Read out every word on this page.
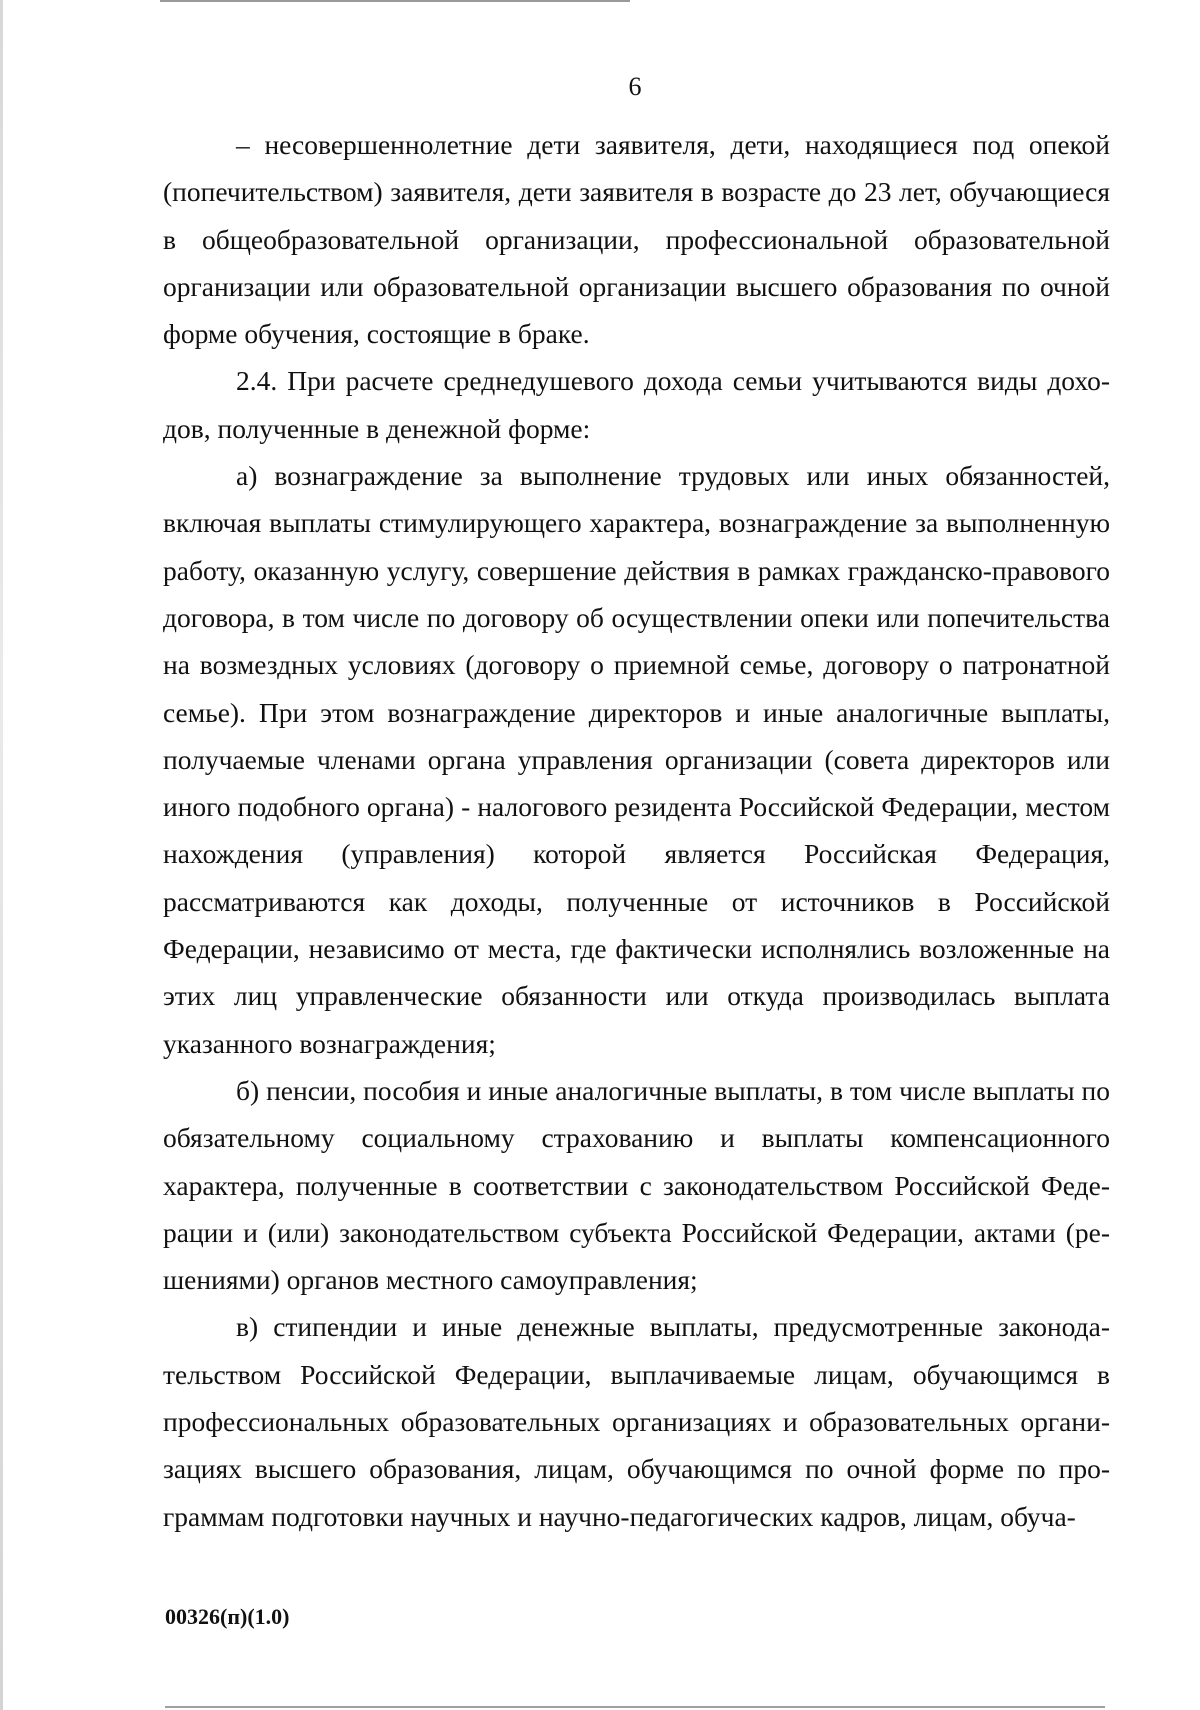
6

– несовершеннолетние дети заявителя, дети, находящиеся под опекой (попечительством) заявителя, дети заявителя в возрасте до 23 лет, обучающиеся в общеобразовательной организации, профессиональной образовательной организации или образовательной организации высшего образования по очной форме обучения, состоящие в браке.

2.4. При расчете среднедушевого дохода семьи учитываются виды доходов, полученные в денежной форме:

а) вознаграждение за выполнение трудовых или иных обязанностей, включая выплаты стимулирующего характера, вознаграждение за выполненную работу, оказанную услугу, совершение действия в рамках гражданско-правового договора, в том числе по договору об осуществлении опеки или попечительства на возмездных условиях (договору о приемной семье, договору о патронатной семье). При этом вознаграждение директоров и иные аналогичные выплаты, получаемые членами органа управления организации (совета директоров или иного подобного органа) - налогового резидента Российской Федерации, местом нахождения (управления) которой является Российская Федерация, рассматриваются как доходы, полученные от источников в Российской Федерации, независимо от места, где фактически исполнялись возложенные на этих лиц управленческие обязанности или откуда производилась выплата указанного вознаграждения;

б) пенсии, пособия и иные аналогичные выплаты, в том числе выплаты по обязательному социальному страхованию и выплаты компенсационного характера, полученные в соответствии с законодательством Российской Федерации и (или) законодательством субъекта Российской Федерации, актами (решениями) органов местного самоуправления;

в) стипендии и иные денежные выплаты, предусмотренные законодательством Российской Федерации, выплачиваемые лицам, обучающимся в профессиональных образовательных организациях и образовательных организациях высшего образования, лицам, обучающимся по очной форме по программам подготовки научных и научно-педагогических кадров, лицам, обуча-

00326(п)(1.0)
